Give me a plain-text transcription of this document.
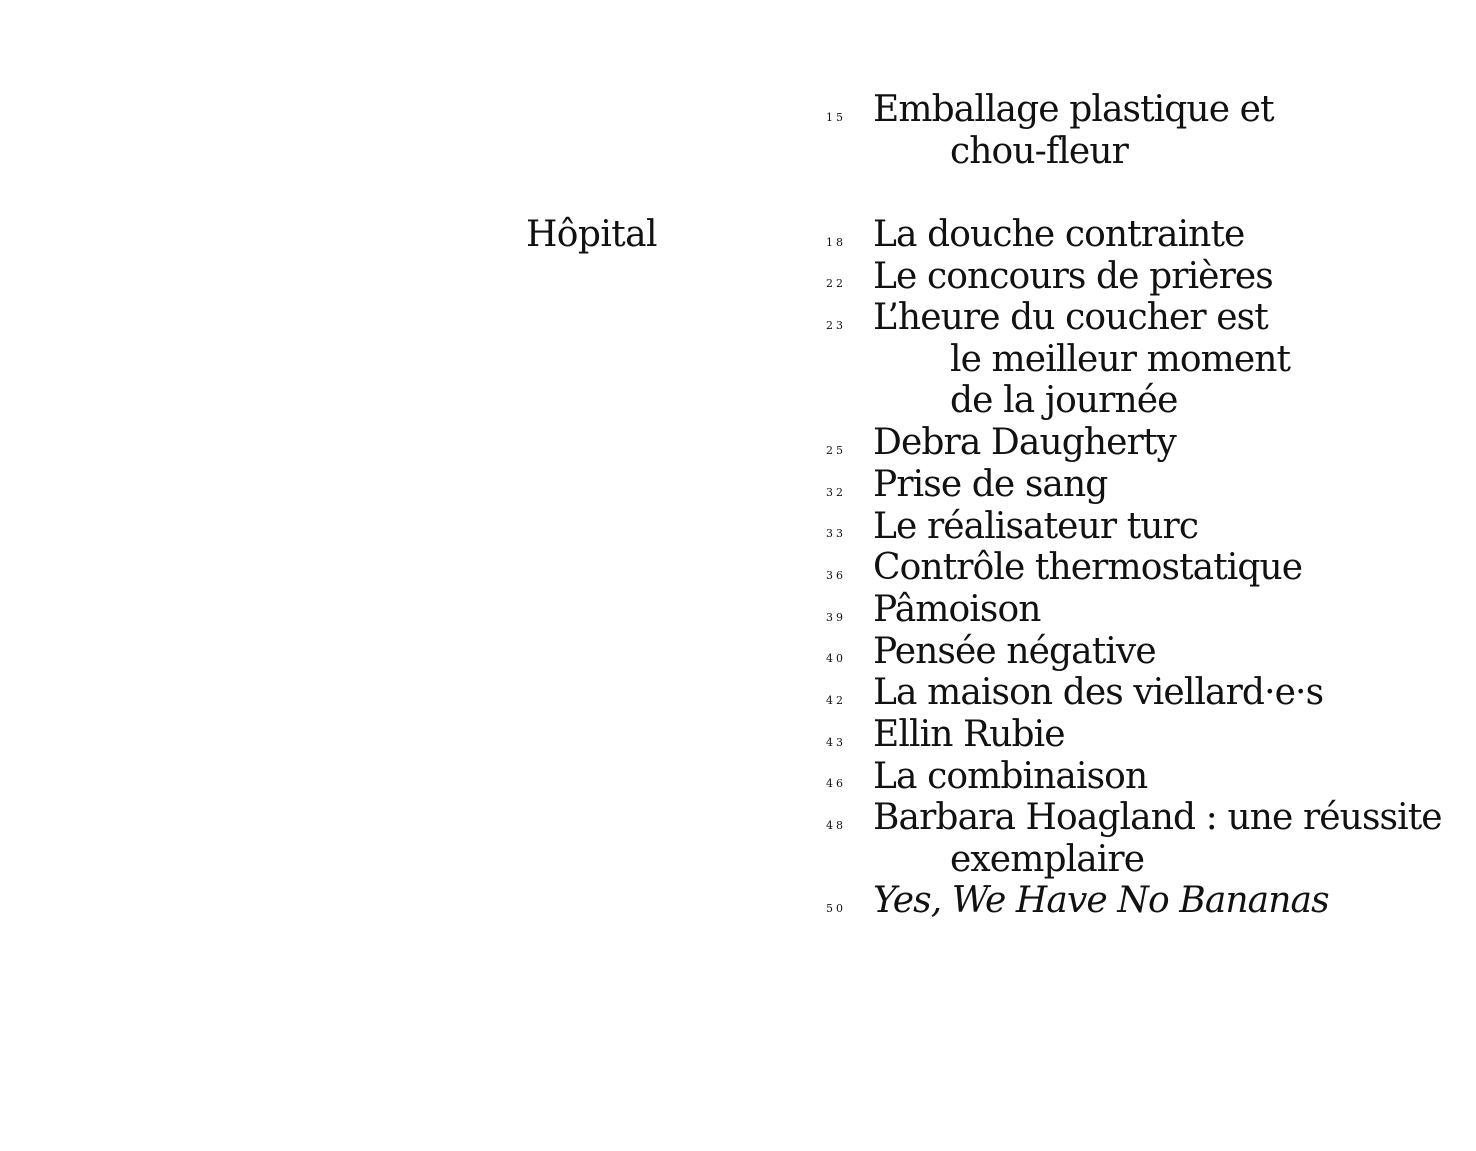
Hôpital
15 Emballage plastique et
chou-fleur
18 La douche contrainte
22 Le concours de prières
23 L’heure du coucher est
le meilleur moment
de la journée
25 Debra Daugherty
32 Prise de sang
33 Le réalisateur turc
36 Contrôle thermostatique
39 Pâmoison
40 Pensée négative
42 La maison des viellard·e·s
43 Ellin Rubie
46 La combinaison
48 Barbara Hoagland : une réussite
exemplaire
50 Yes, We Have No Bananas
